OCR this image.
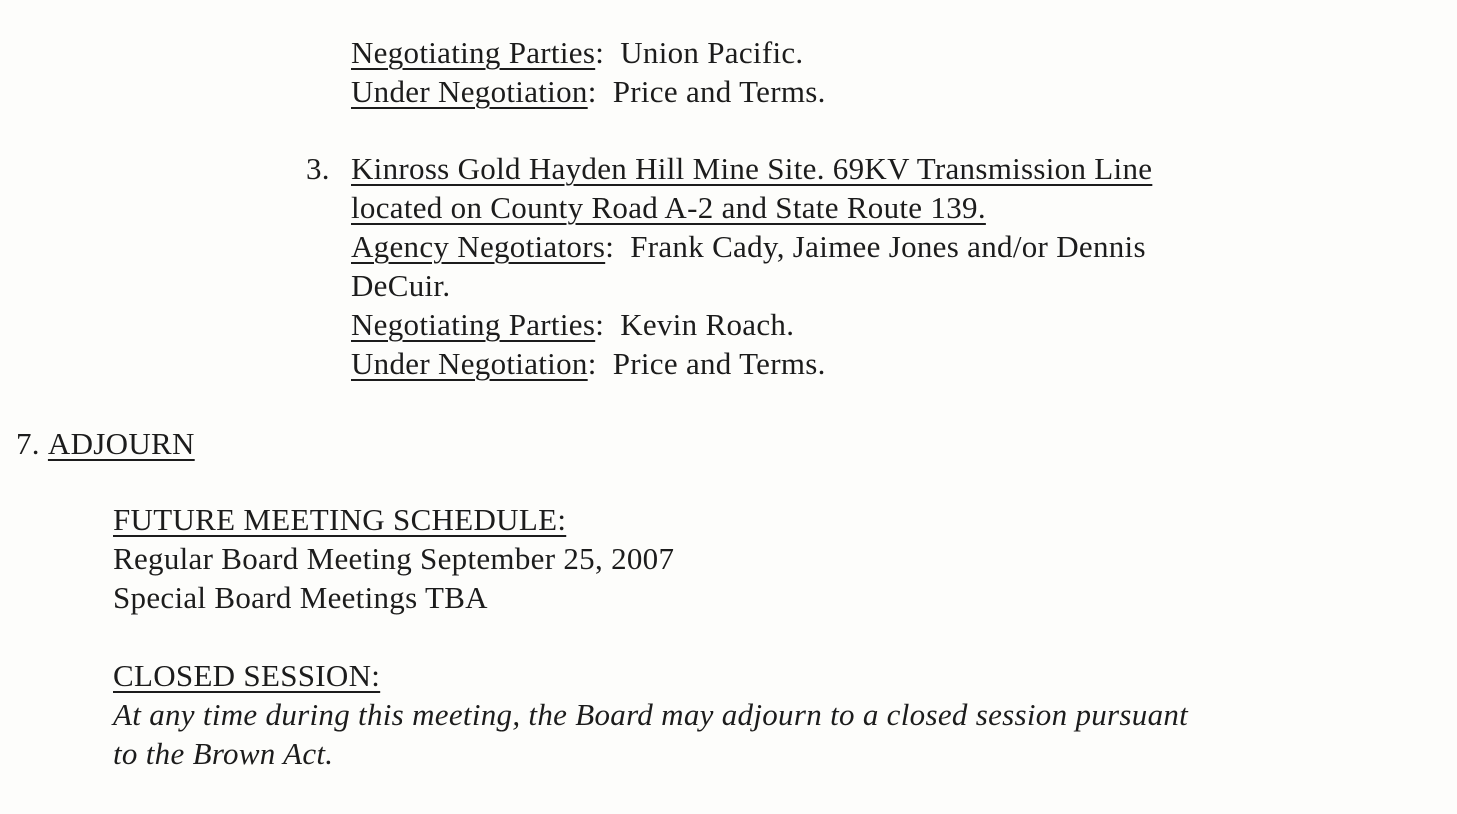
Negotiating Parties:  Union Pacific.
Under Negotiation:  Price and Terms.
3. Kinross Gold Hayden Hill Mine Site. 69KV Transmission Line
located on County Road A-2 and State Route 139.
Agency Negotiators:  Frank Cady, Jaimee Jones and/or Dennis
DeCuir.
Negotiating Parties:  Kevin Roach.
Under Negotiation:  Price and Terms.
7. ADJOURN
FUTURE MEETING SCHEDULE:
Regular Board Meeting September 25, 2007
Special Board Meetings TBA
CLOSED SESSION:
At any time during this meeting, the Board may adjourn to a closed session pursuant
to the Brown Act.
